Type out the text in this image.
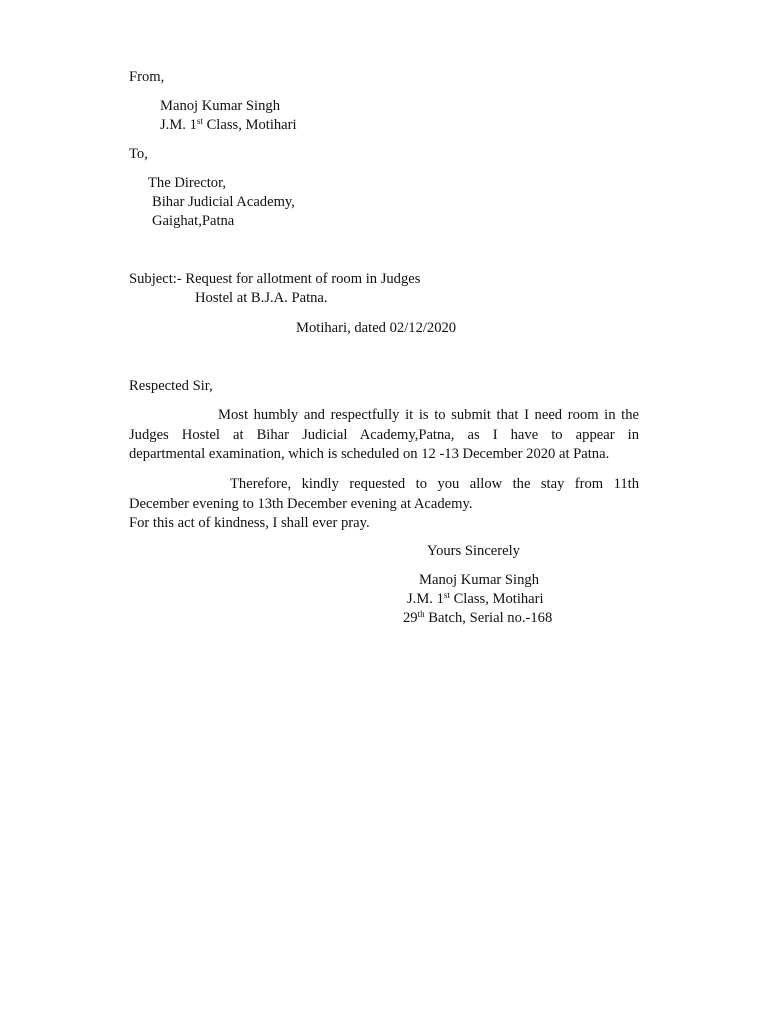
From,
Manoj Kumar Singh
J.M. 1st Class, Motihari
To,
The Director,
Bihar Judicial Academy,
Gaighat,Patna
Subject:- Request for allotment of room in Judges
Hostel at B.J.A. Patna.
Motihari, dated 02/12/2020
Respected Sir,
Most humbly and respectfully it is to submit that I need room in the
Judges Hostel at Bihar Judicial Academy,Patna, as I have to appear in
departmental examination, which is scheduled on 12 -13 December 2020 at Patna.
Therefore, kindly requested to you allow the stay from 11th
December evening to 13th December evening at Academy.
For this act of kindness, I shall ever pray.
Yours Sincerely
Manoj Kumar Singh
J.M. 1st Class, Motihari
29th Batch, Serial no.-168
